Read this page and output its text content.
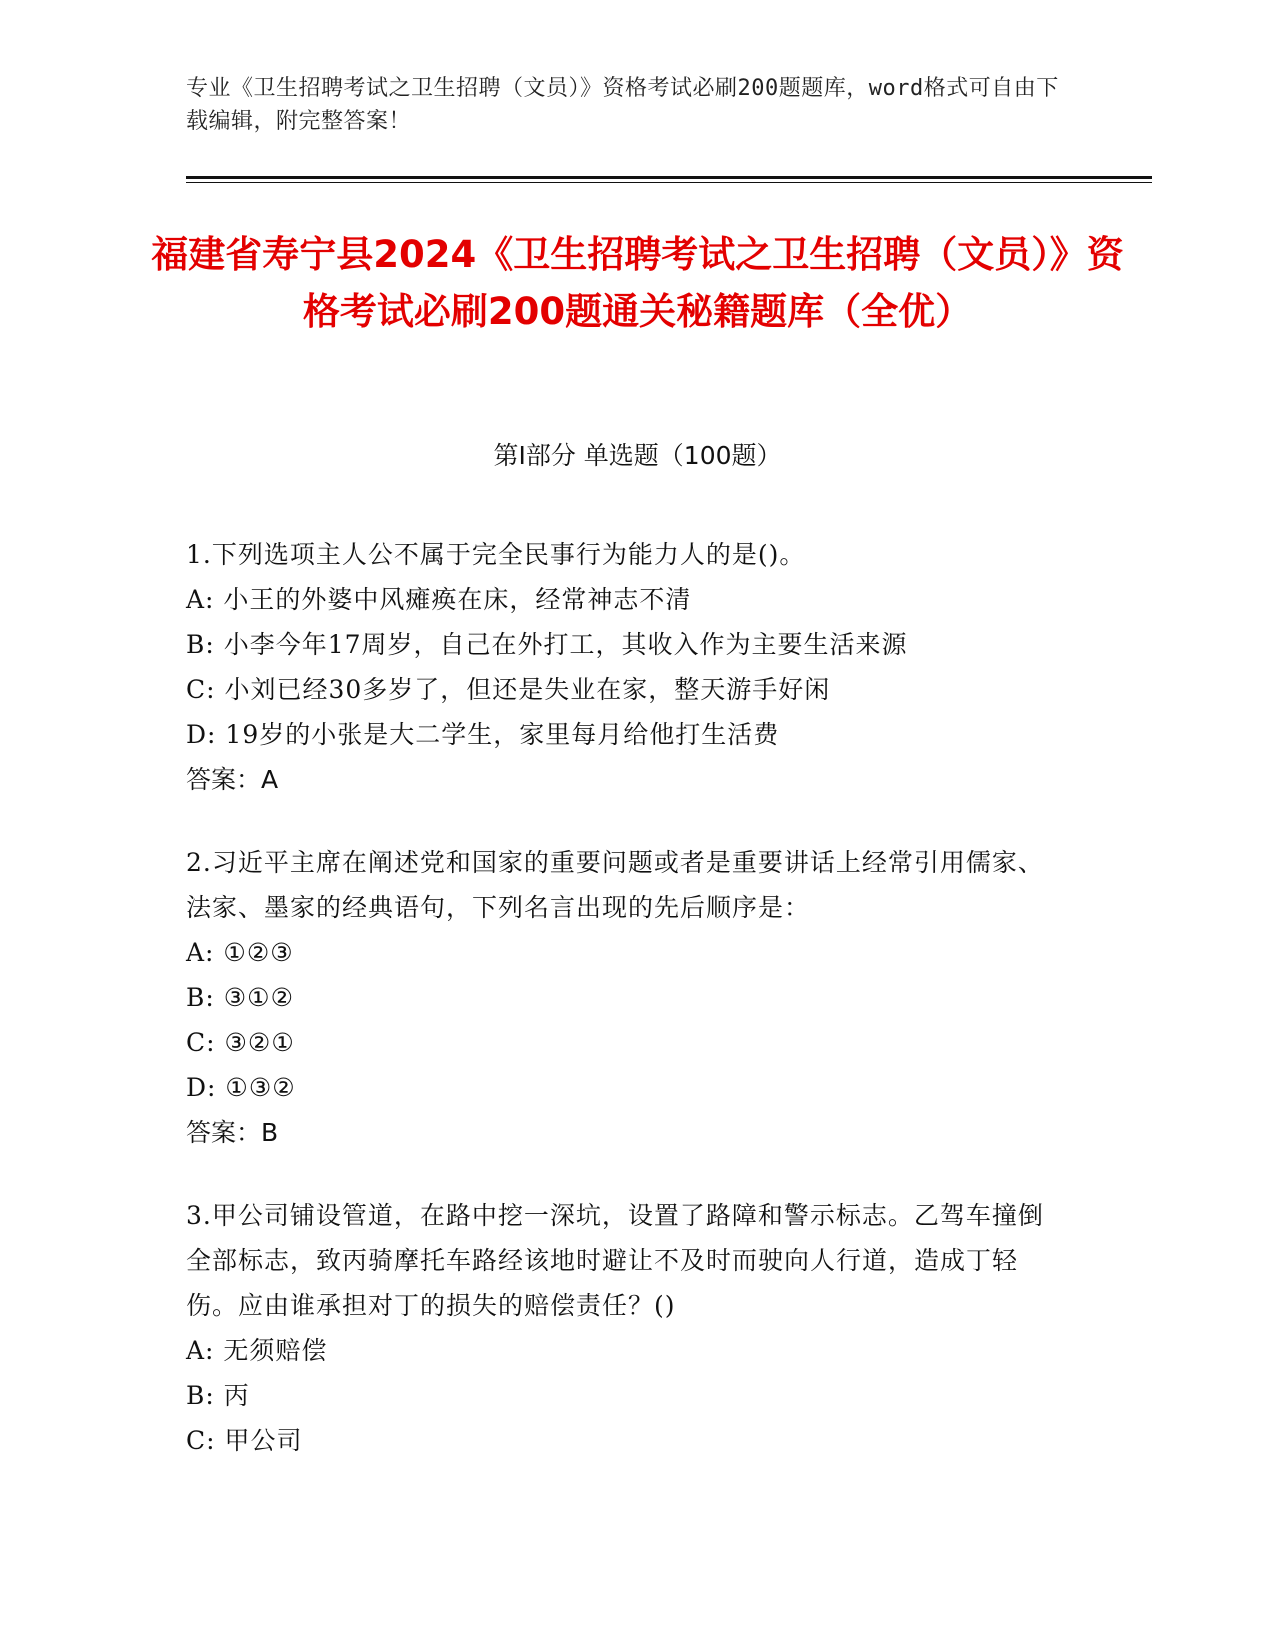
专业《卫生招聘考试之卫生招聘（文员）》资格考试必刷200题题库，word格式可自由下载编辑，附完整答案！
福建省寿宁县2024《卫生招聘考试之卫生招聘（文员）》资格考试必刷200题通关秘籍题库（全优）
第Ⅰ部分 单选题（100题）
1.下列选项主人公不属于完全民事行为能力人的是()。
A: 小王的外婆中风瘫痪在床，经常神志不清
B: 小李今年17周岁，自己在外打工，其收入作为主要生活来源
C: 小刘已经30多岁了，但还是失业在家，整天游手好闲
D: 19岁的小张是大二学生，家里每月给他打生活费
答案：A
2.习近平主席在阐述党和国家的重要问题或者是重要讲话上经常引用儒家、法家、墨家的经典语句，下列名言出现的先后顺序是：
A: ①②③
B: ③①②
C: ③②①
D: ①③②
答案：B
3.甲公司铺设管道，在路中挖一深坑，设置了路障和警示标志。乙驾车撞倒全部标志，致丙骑摩托车路经该地时避让不及时而驶向人行道，造成丁轻伤。应由谁承担对丁的损失的赔偿责任？()
A: 无须赔偿
B: 丙
C: 甲公司
